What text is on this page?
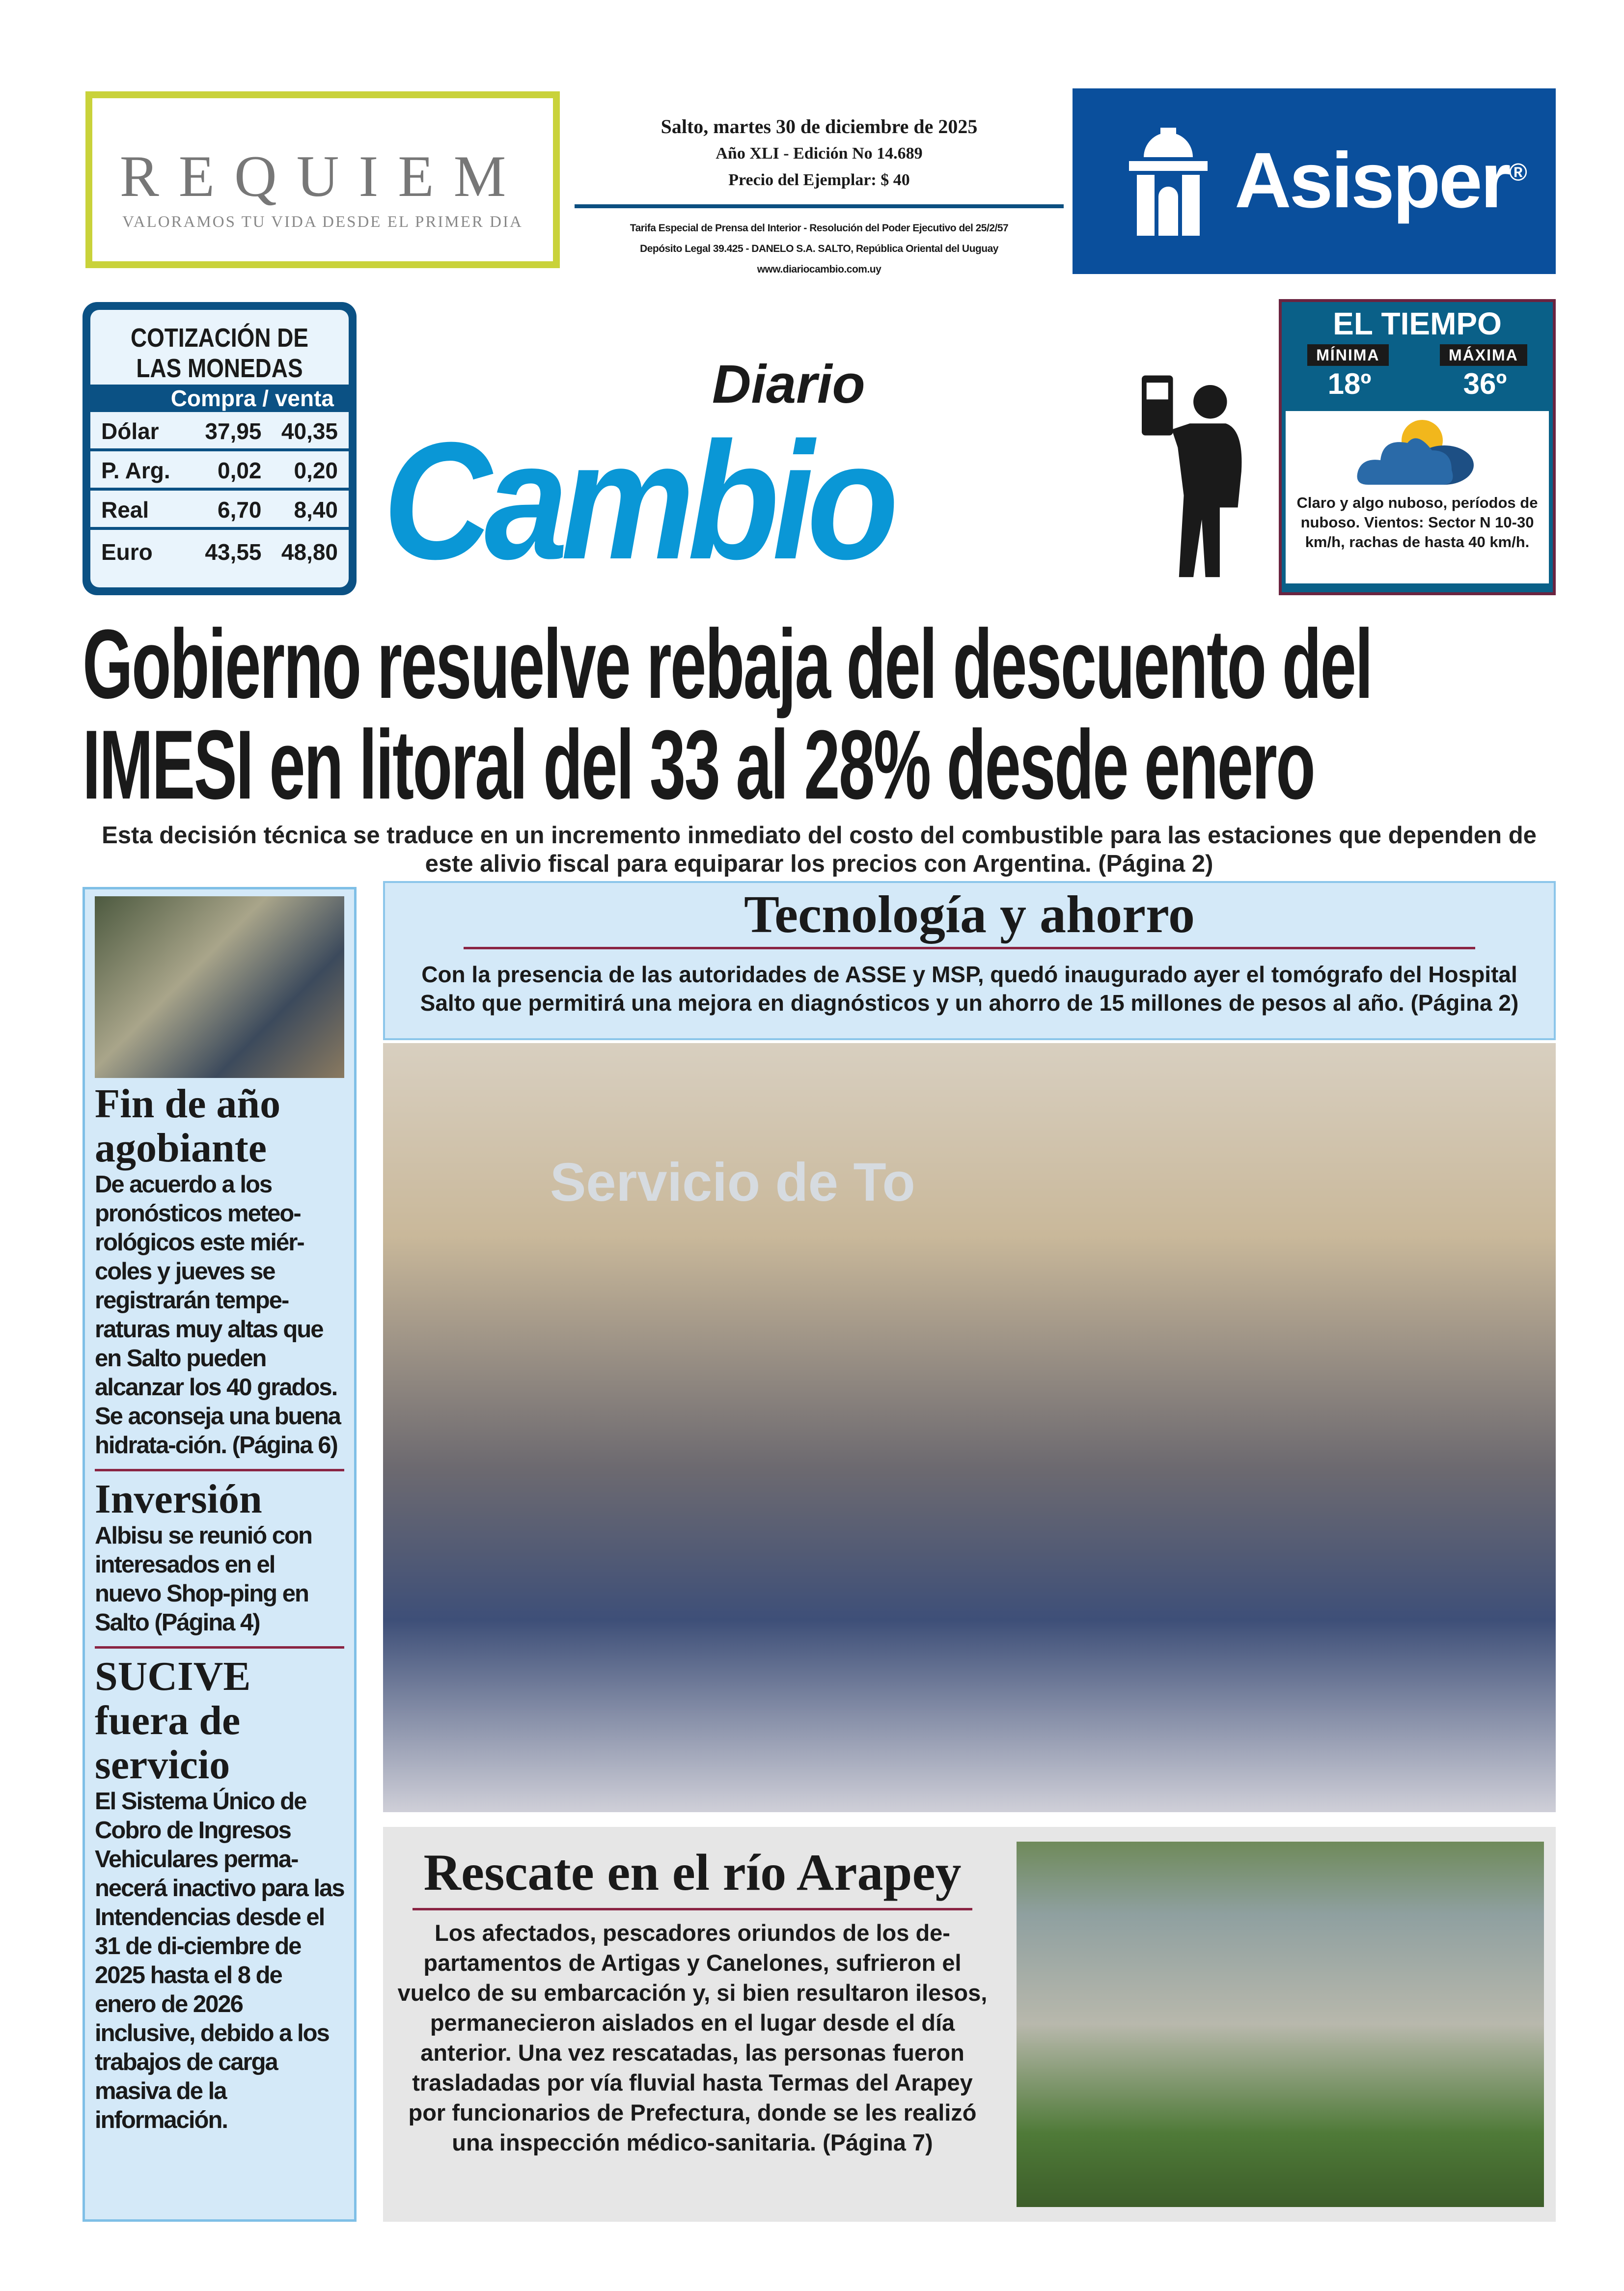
REQUIEM
VALORAMOS TU VIDA DESDE EL PRIMER DIA
Salto, martes 30 de diciembre de 2025
Año XLI - Edición No 14.689
Precio del Ejemplar: $ 40
Tarifa Especial de Prensa del Interior - Resolución del Poder Ejecutivo del 25/2/57
Depósito Legal 39.425 - DANELO S.A. SALTO, República Oriental del Uuguay
www.diariocambio.com.uy
Asisper®
COTIZACIÓN DE LAS MONEDAS
Compra / venta
Dólar	37,95 40,35
P. Arg.	0,02	0,20
Real	6,70	8,40
Euro	43,55 48,80
Diario
Cambio
EL TIEMPO
MÍNIMA	MÁXIMA
18º	36º
Claro y algo nuboso, períodos de nuboso. Vientos: Sector N 10-30 km/h, rachas de hasta 40 km/h.
Gobierno resuelve rebaja del descuento del
IMESI en litoral del 33 al 28% desde enero
Esta decisión técnica se traduce en un incremento inmediato del costo del combustible para las estaciones que dependen de este alivio fiscal para equiparar los precios con Argentina. (Página 2)
Fin de año agobiante

De acuerdo a los pronósticos meteo-rológicos este miér-coles y jueves se registrarán tempe-raturas muy altas que en Salto pueden alcanzar los 40 grados. Se aconseja una buena hidrata-ción. (Página 6)

Inversión

Albisu se reunió con interesados en el nuevo Shop-ping en Salto (Página 4)

SUCIVE fuera de servicio

El Sistema Único de Cobro de Ingresos Vehiculares perma-necerá inactivo para las Intendencias desde el 31 de di-ciembre de 2025 hasta el 8 de enero de 2026 inclusive, debido a los trabajos de carga masiva de la información.

Tecnología y ahorro

Con la presencia de las autoridades de ASSE y MSP, quedó inaugurado ayer el tomógrafo del Hospital Salto que permitirá una mejora en diagnósticos y un ahorro de 15 millones de pesos al año. (Página 2)

Servicio de To
Rescate en el río Arapey

Los afectados, pescadores oriundos de los de-partamentos de Artigas y Canelones, sufrieron el vuelco de su embarcación y, si bien resultaron ilesos, permanecieron aislados en el lugar desde el día anterior. Una vez rescatadas, las personas fueron trasladadas por vía fluvial hasta Termas del Arapey por funcionarios de Prefectura, donde se les realizó una inspección médico-sanitaria. (Página 7)
